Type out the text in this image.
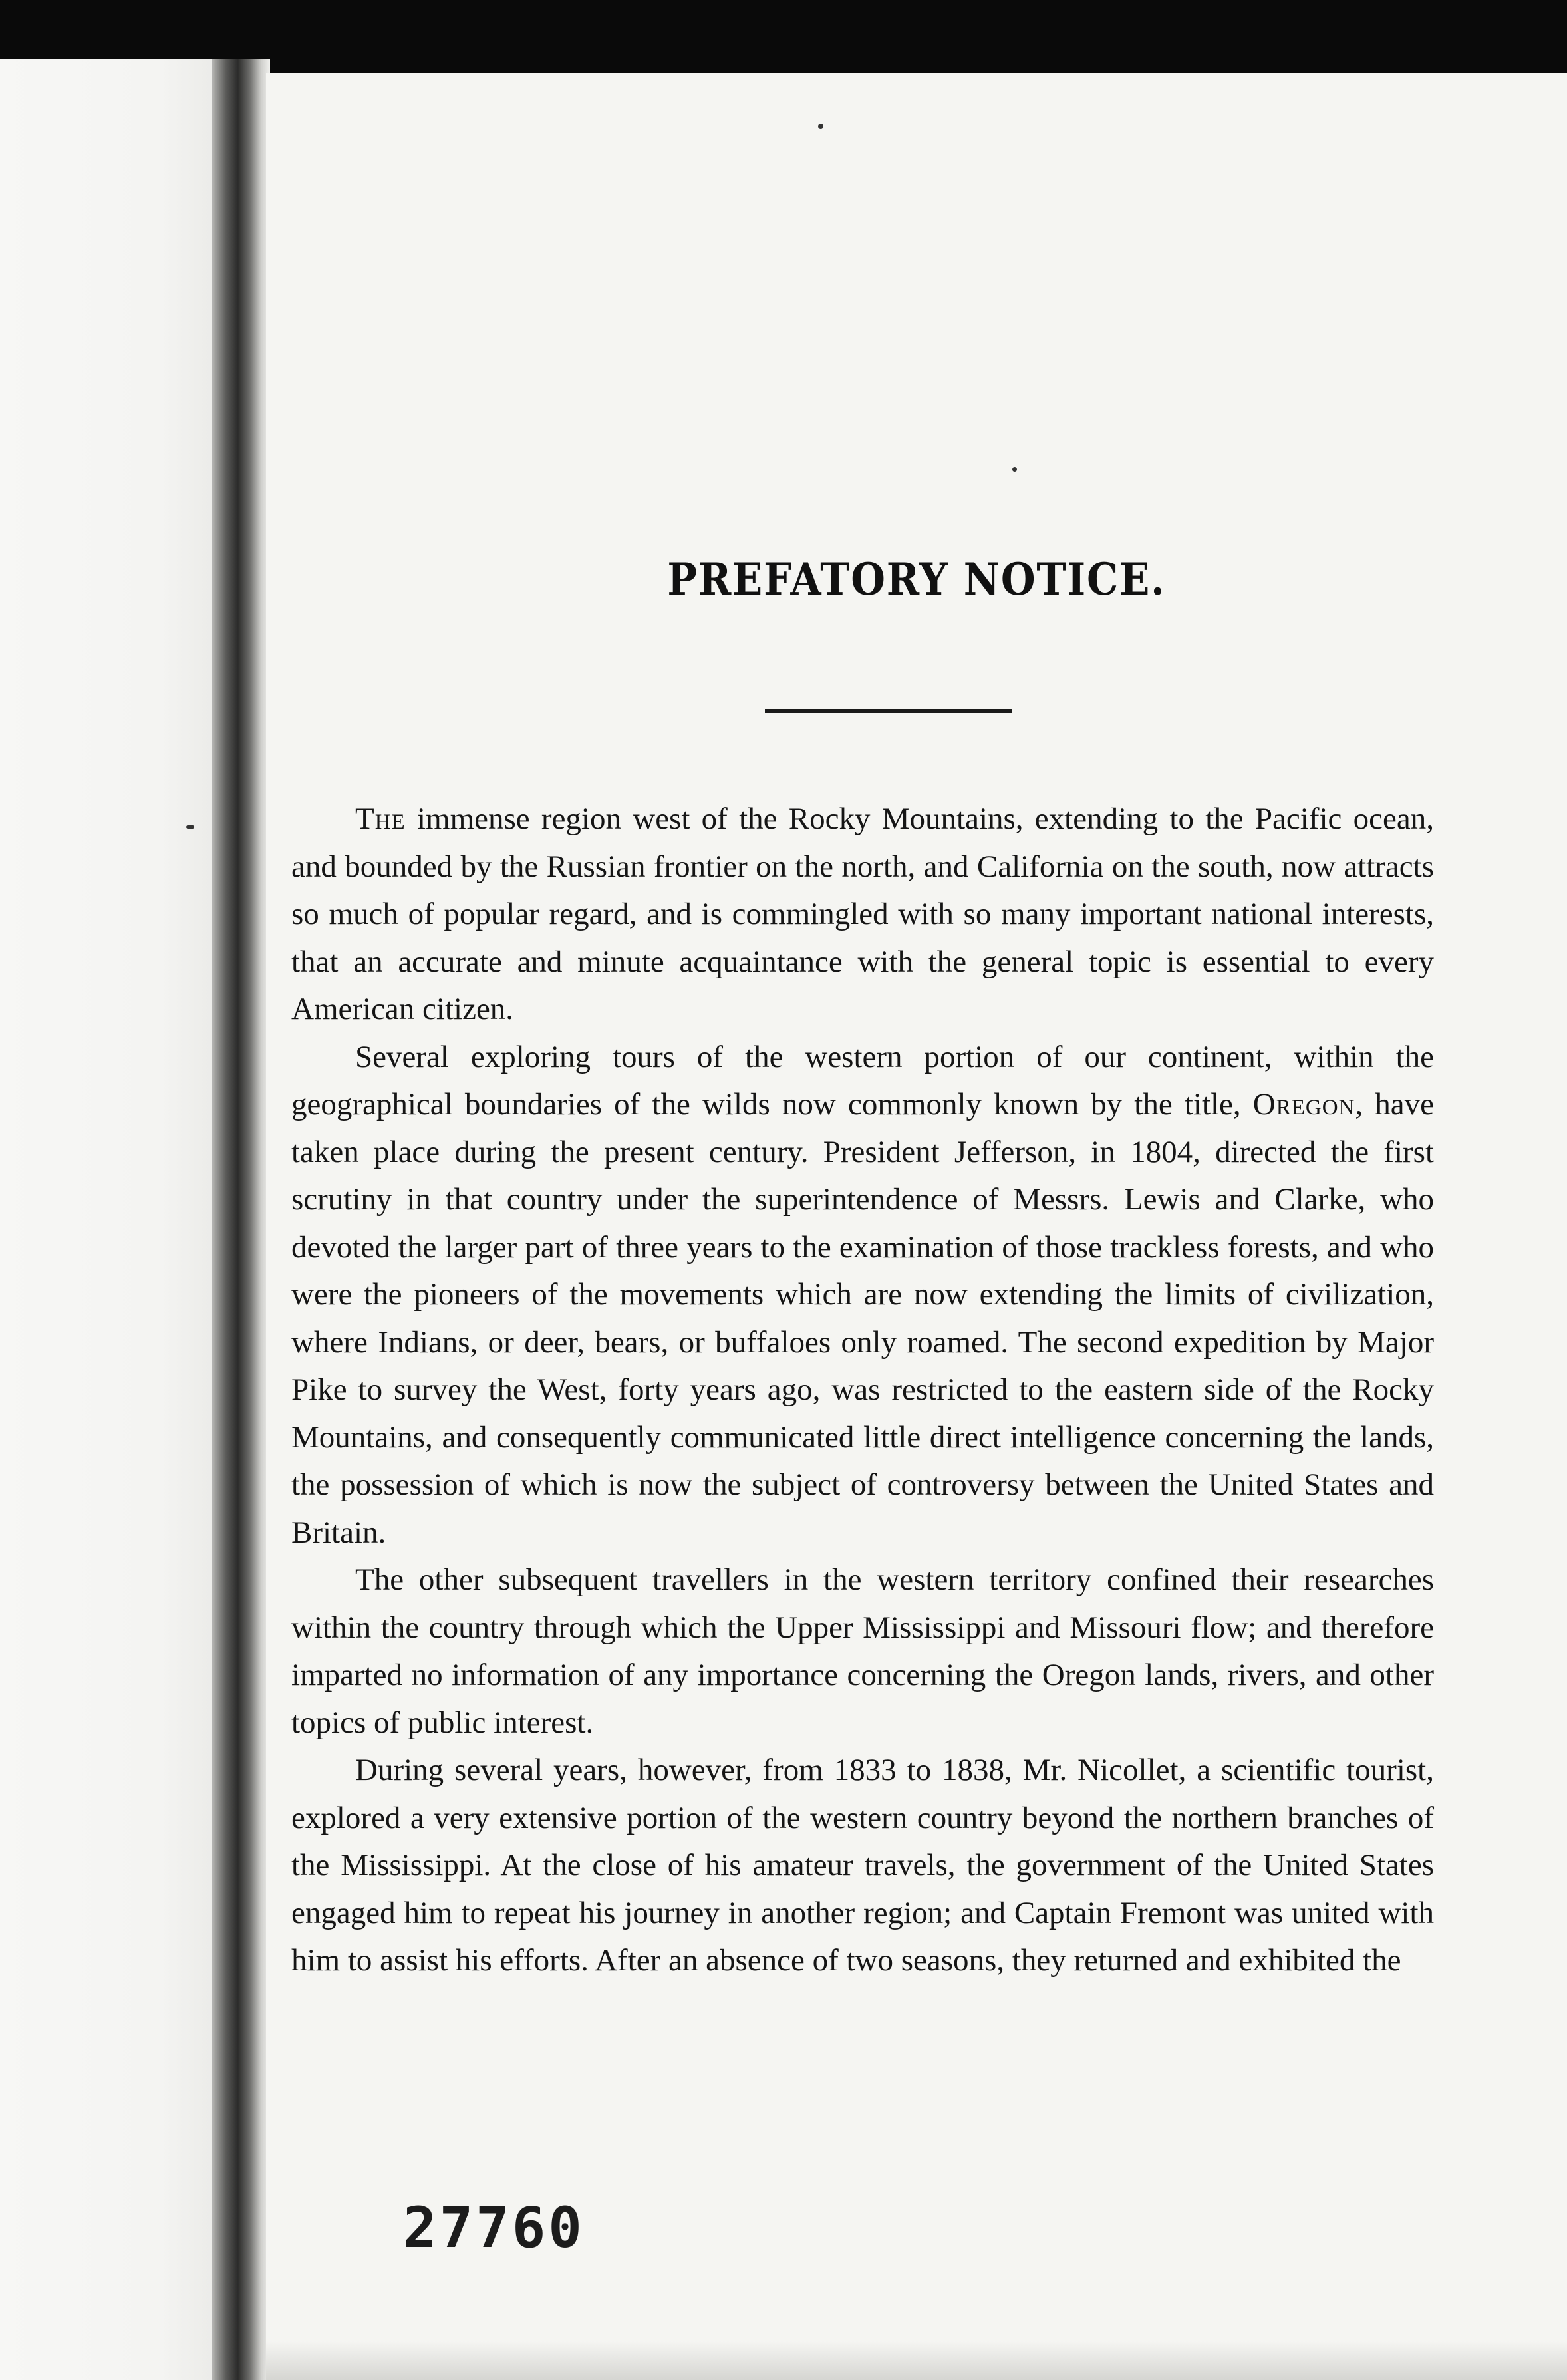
PREFATORY NOTICE.

The immense region west of the Rocky Mountains, extending to the Pacific ocean, and bounded by the Russian frontier on the north, and California on the south, now attracts so much of popular regard, and is commingled with so many important national interests, that an accurate and minute acquaintance with the general topic is essential to every American citizen.

Several exploring tours of the western portion of our continent, within the geographical boundaries of the wilds now commonly known by the title, Oregon, have taken place during the present century. President Jefferson, in 1804, directed the first scrutiny in that country under the superintendence of Messrs. Lewis and Clarke, who devoted the larger part of three years to the examination of those trackless forests, and who were the pioneers of the movements which are now extending the limits of civilization, where Indians, or deer, bears, or buffaloes only roamed. The second expedition by Major Pike to survey the West, forty years ago, was restricted to the eastern side of the Rocky Mountains, and consequently communicated little direct intelligence concerning the lands, the possession of which is now the subject of controversy between the United States and Britain.

The other subsequent travellers in the western territory confined their researches within the country through which the Upper Mississippi and Missouri flow; and therefore imparted no information of any importance concerning the Oregon lands, rivers, and other topics of public interest.

During several years, however, from 1833 to 1838, Mr. Nicollet, a scientific tourist, explored a very extensive portion of the western country beyond the northern branches of the Mississippi. At the close of his amateur travels, the government of the United States engaged him to repeat his journey in another region; and Captain Fremont was united with him to assist his efforts. After an absence of two seasons, they returned and exhibited the

27760
